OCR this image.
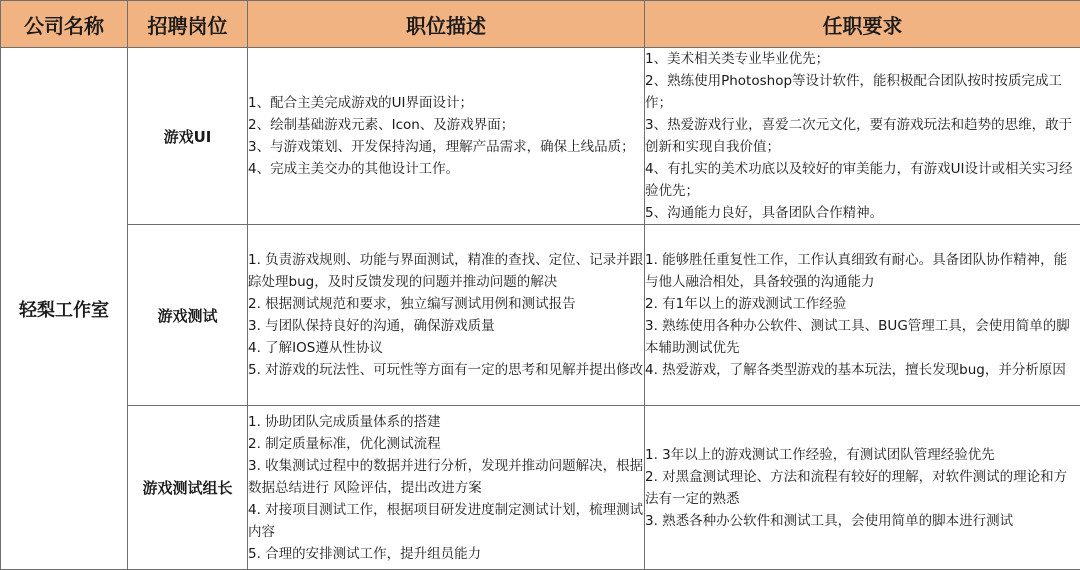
公司名称	招聘岗位	职位描述	任职要求
轻梨工作室	游戏UI	1、配合主美完成游戏的UI界面设计；
2、绘制基础游戏元素、Icon、及游戏界面；
3、与游戏策划、开发保持沟通，理解产品需求，确保上线品质；
4、完成主美交办的其他设计工作。	1、美术相关类专业毕业优先；
2、熟练使用Photoshop等设计软件，能积极配合团队按时按质完成工作；
3、热爱游戏行业，喜爱二次元文化，要有游戏玩法和趋势的思维，敢于创新和实现自我价值；
4、有扎实的美术功底以及较好的审美能力，有游戏UI设计或相关实习经验优先；
5、沟通能力良好，具备团队合作精神。

	游戏测试	1. 负责游戏规则、功能与界面测试，精准的查找、定位、记录并跟踪处理bug，及时反馈发现的问题并推动问题的解决
2. 根据测试规范和要求，独立编写测试用例和测试报告
3. 与团队保持良好的沟通，确保游戏质量
4. 了解IOS遵从性协议
5. 对游戏的玩法性、可玩性等方面有一定的思考和见解并提出修改	1. 能够胜任重复性工作，工作认真细致有耐心。具备团队协作精神，能与他人融洽相处，具备较强的沟通能力
2. 有1年以上的游戏测试工作经验
3. 熟练使用各种办公软件、测试工具、BUG管理工具，会使用简单的脚本辅助测试优先
4. 热爱游戏，了解各类型游戏的基本玩法，擅长发现bug，并分析原因

	游戏测试组长	1. 协助团队完成质量体系的搭建
2. 制定质量标准，优化测试流程
3. 收集测试过程中的数据并进行分析，发现并推动问题解决，根据数据总结进行 风险评估，提出改进方案
4. 对接项目测试工作，根据项目研发进度制定测试计划，梳理测试内容
5. 合理的安排测试工作，提升组员能力	1. 3年以上的游戏测试工作经验，有测试团队管理经验优先
2. 对黑盒测试理论、方法和流程有较好的理解，对软件测试的理论和方法有一定的熟悉
3. 熟悉各种办公软件和测试工具，会使用简单的脚本进行测试
